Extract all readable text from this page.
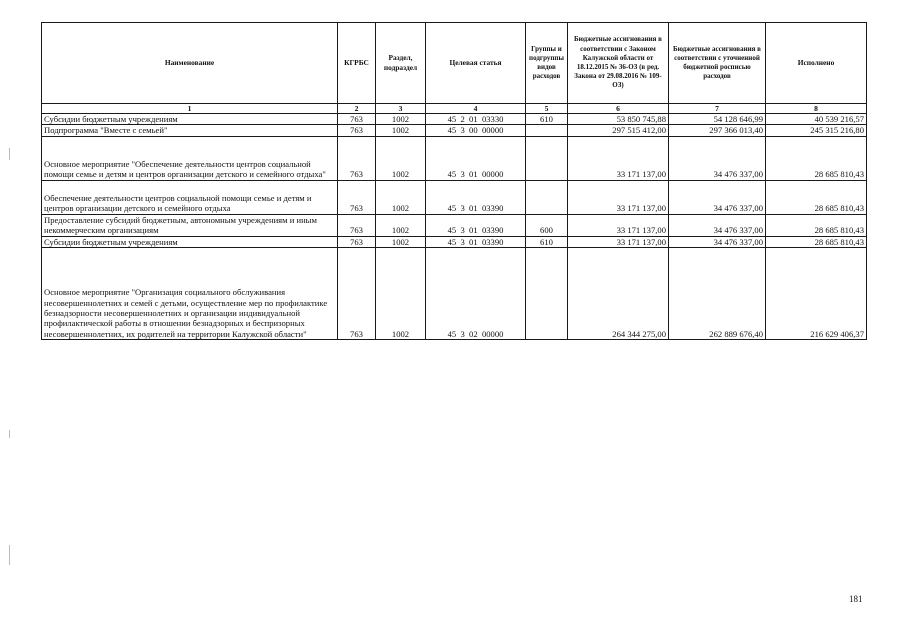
Наименование	КГРБС	Раздел, подраздел	Целевая статья	Группы и подгруппы видов расходов	Бюджетные ассигнования в соответствии с Законом Калужской области от 18.12.2015 № 36-ОЗ (в ред. Закона от 29.08.2016 № 109-ОЗ)	Бюджетные ассигнования в соответствии с уточненной бюджетной росписью расходов	Исполнено
1	2	3	4	5	6	7	8
Субсидии бюджетным учреждениям	763	1002	45  2  01  03330	610	53 850 745,88	54 128 646,99	40 539 216,57
Подпрограмма "Вместе с семьей"	763	1002	45  3  00  00000		297 515 412,00	297 366 013,40	245 315 216,80
Основное мероприятие "Обеспечение деятельности центров социальной помощи семье и детям и центров организации детского и семейного отдыха"	763	1002	45  3  01  00000		33 171 137,00	34 476 337,00	28 685 810,43
Обеспечение деятельности центров социальной помощи семье и детям и центров организации детского и семейного отдыха	763	1002	45  3  01  03390		33 171 137,00	34 476 337,00	28 685 810,43
Предоставление субсидий бюджетным, автономным учреждениям и иным некоммерческим организациям	763	1002	45  3  01  03390	600	33 171 137,00	34 476 337,00	28 685 810,43
Субсидии бюджетным учреждениям	763	1002	45  3  01  03390	610	33 171 137,00	34 476 337,00	28 685 810,43
Основное мероприятие "Организация социального обслуживания несовершеннолетних и семей с детьми, осуществление мер по профилактике безнадзорности несовершеннолетних и организации индивидуальной профилактической работы в отношении безнадзорных и беспризорных несовершеннолетних, их родителей на территории Калужской области"	763	1002	45  3  02  00000		264 344 275,00	262 889 676,40	216 629 406,37
181
